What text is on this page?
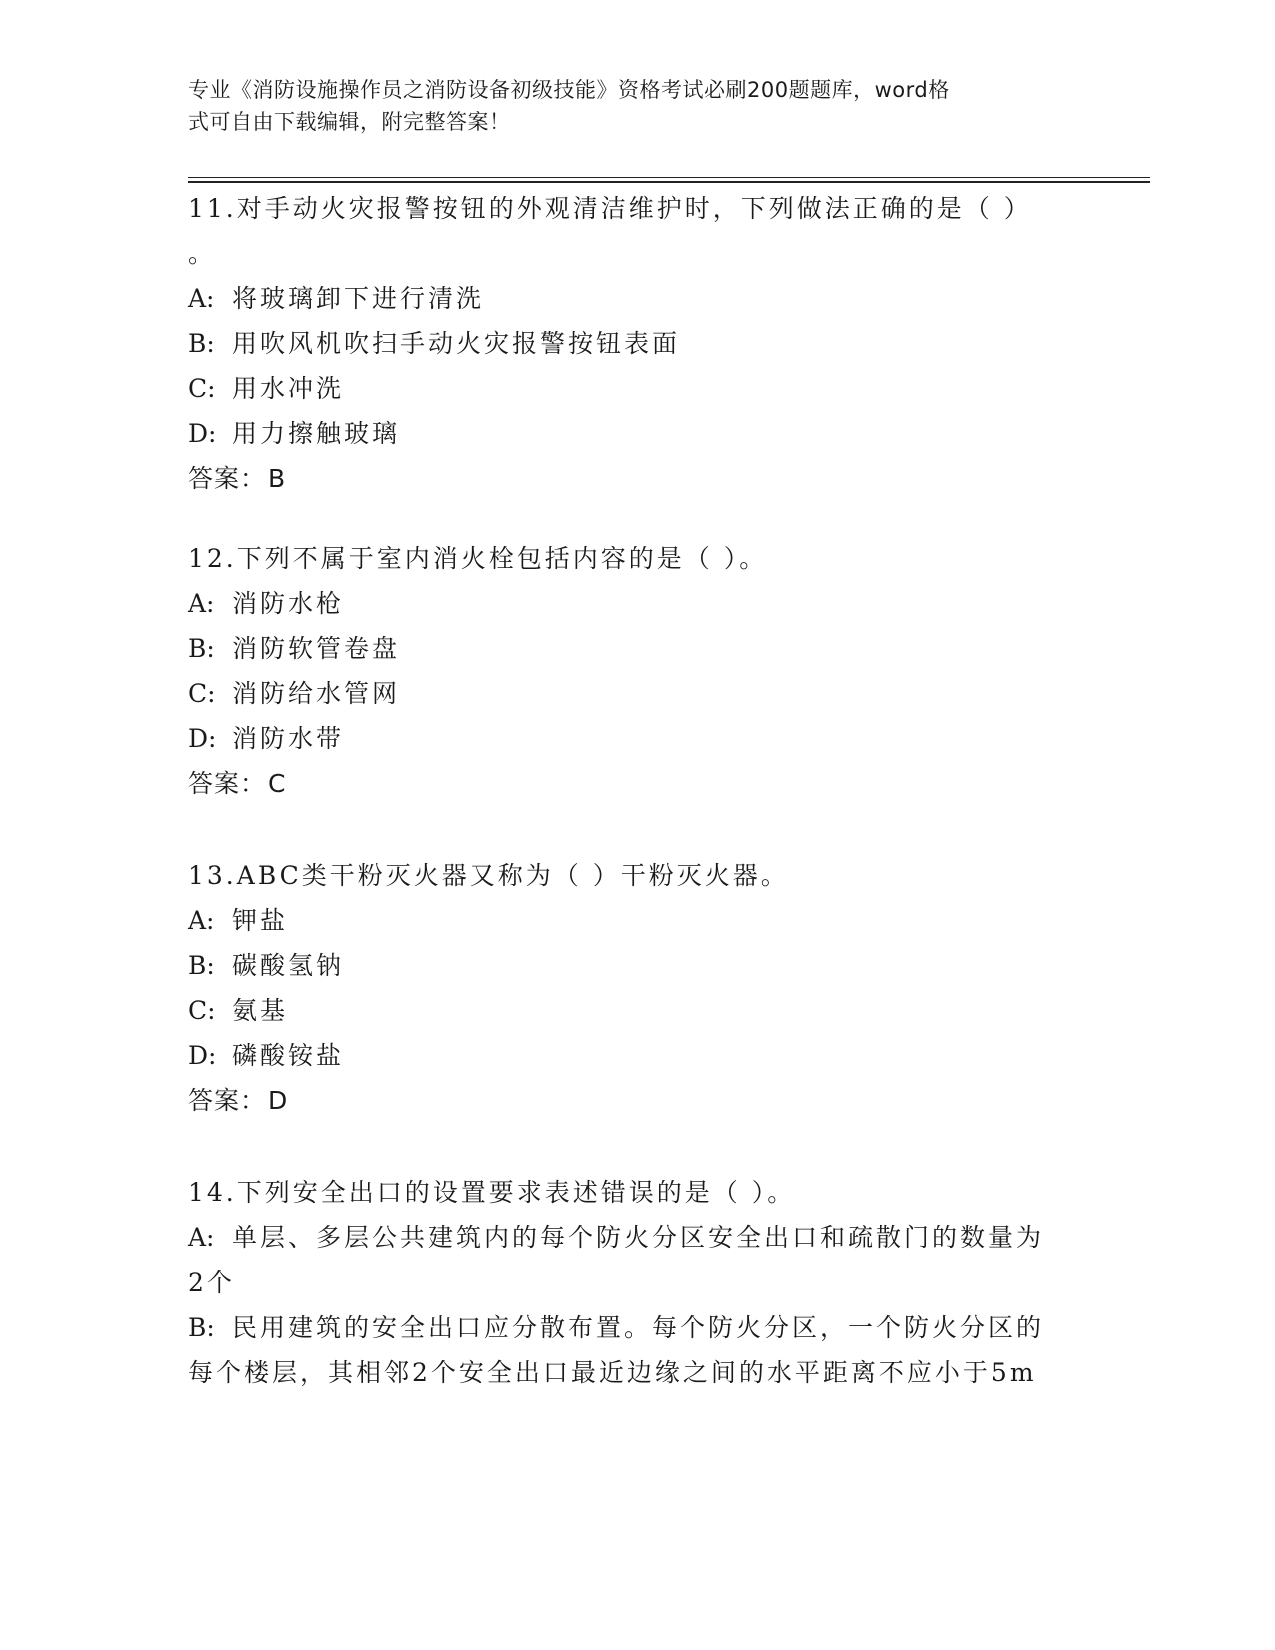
专业《消防设施操作员之消防设备初级技能》资格考试必刷200题题库，word格
式可自由下载编辑，附完整答案！
11.对手动火灾报警按钮的外观清洁维护时，下列做法正确的是（ ）
。
A: 将玻璃卸下进行清洗
B: 用吹风机吹扫手动火灾报警按钮表面
C: 用水冲洗
D: 用力擦触玻璃
答案：B
12.下列不属于室内消火栓包括内容的是（ ）。
A: 消防水枪
B: 消防软管卷盘
C: 消防给水管网
D: 消防水带
答案：C
13.ABC类干粉灭火器又称为（ ）干粉灭火器。
A: 钾盐
B: 碳酸氢钠
C: 氨基
D: 磷酸铵盐
答案：D
14.下列安全出口的设置要求表述错误的是（ ）。
A: 单层、多层公共建筑内的每个防火分区安全出口和疏散门的数量为
2个
B: 民用建筑的安全出口应分散布置。每个防火分区，一个防火分区的
每个楼层，其相邻2个安全出口最近边缘之间的水平距离不应小于5m
